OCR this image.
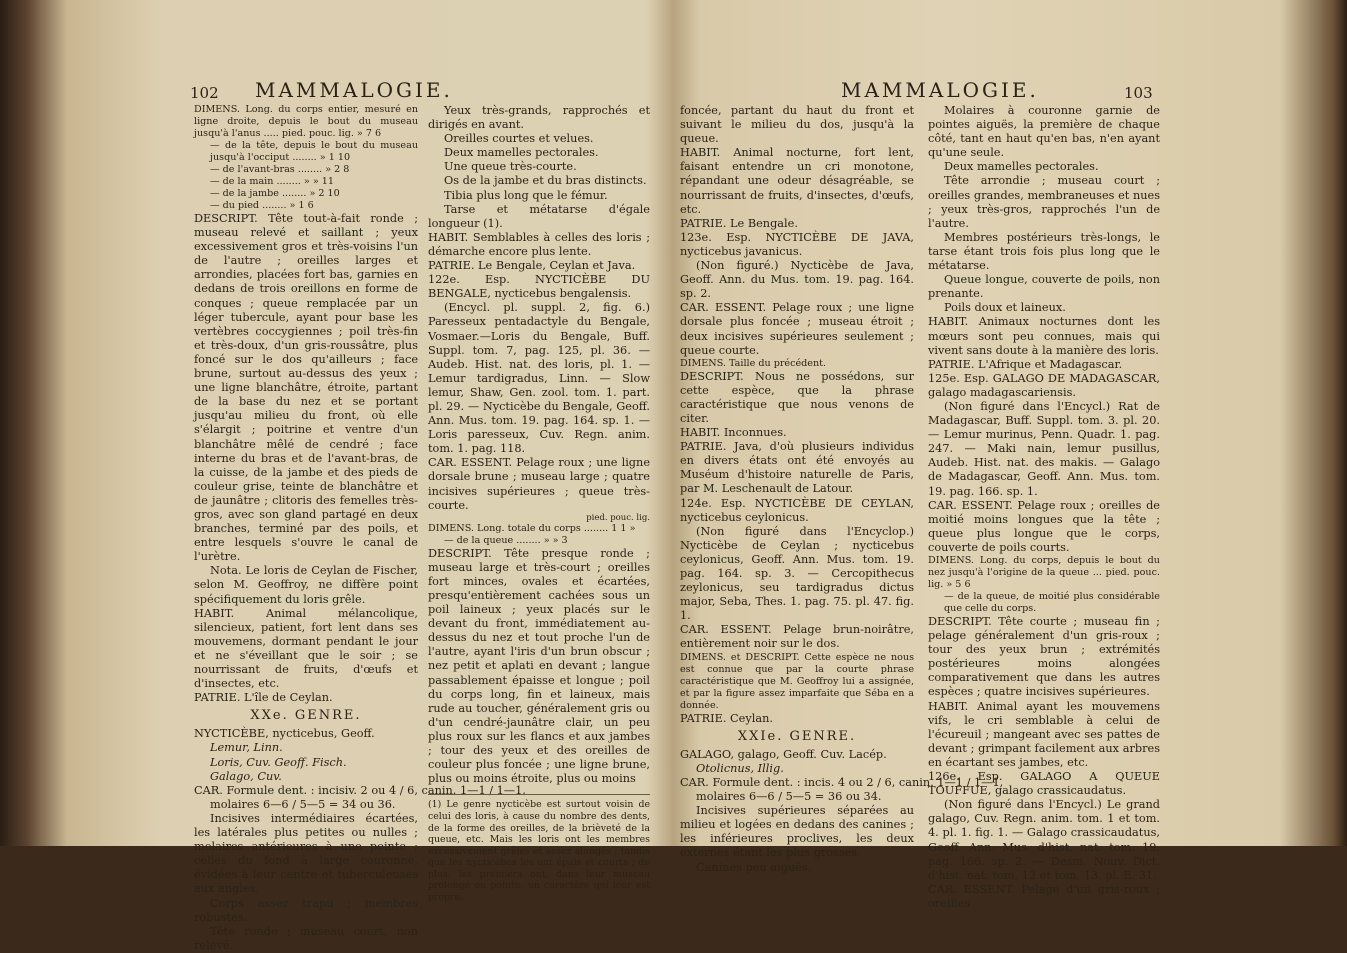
102 MAMMALOGIE.

DIMENS. Long. du corps entier, mesuré en ligne droite, depuis le bout du museau jusqu'à l'anus ..... pied. pouc. lig. » 7 6

— de la tête, depuis le bout du museau jusqu'à l'occiput ........ » 1 10

— de l'avant-bras ........ » 2 8

— de la main ........ » » 11

— de la jambe ........ » 2 10

— du pied ........ » 1 6

DESCRIPT. Tête tout-à-fait ronde ; museau relevé et saillant ; yeux excessivement gros et très-voisins l'un de l'autre ; oreilles larges et arrondies, placées fort bas, garnies en dedans de trois oreillons en forme de conques ; queue remplacée par un léger tubercule, ayant pour base les vertèbres coccygiennes ; poil très-fin et très-doux, d'un gris-roussâtre, plus foncé sur le dos qu'ailleurs ; face brune, surtout au-dessus des yeux ; une ligne blanchâtre, étroite, partant de la base du nez et se portant jusqu'au milieu du front, où elle s'élargit ; poitrine et ventre d'un blanchâtre mêlé de cendré ; face interne du bras et de l'avant-bras, de la cuisse, de la jambe et des pieds de couleur grise, teinte de blanchâtre et de jaunâtre ; clitoris des femelles très-gros, avec son gland partagé en deux branches, terminé par des poils, et entre lesquels s'ouvre le canal de l'urètre.

Nota. Le loris de Ceylan de Fischer, selon M. Geoffroy, ne diffère point spécifiquement du loris grêle.

HABIT. Animal mélancolique, silencieux, patient, fort lent dans ses mouvemens, dormant pendant le jour et ne s'éveillant que le soir ; se nourrissant de fruits, d'œufs et d'insectes, etc.

PATRIE. L'île de Ceylan.

XXe. GENRE.

NYCTICÈBE, nycticebus, Geoff.

Lemur, Linn.

Loris, Cuv. Geoff. Fisch.

Galago, Cuv.

CAR. Formule dent. : incisiv. 2 ou 4 / 6, canin. 1—1 / 1—1,

molaires 6—6 / 5—5 = 34 ou 36.

Incisives intermédiaires écartées, les latérales plus petites ou nulles ; molaires antérieures à une pointe ; celles du fond à large couronne, évidées à leur centre et tuberculeuses aux angles.

Corps assez trapu ; membres robustes.

Tête ronde ; museau court, non relevé.

Yeux très-grands, rapprochés et dirigés en avant.

Oreilles courtes et velues.

Deux mamelles pectorales.

Une queue très-courte.

Os de la jambe et du bras distincts.

Tibia plus long que le fémur.

Tarse et métatarse d'égale longueur (1).

HABIT. Semblables à celles des loris ; démarche encore plus lente.

PATRIE. Le Bengale, Ceylan et Java.

122e. Esp. NYCTICÈBE DU BENGALE, nycticebus bengalensis.

(Encycl. pl. suppl. 2, fig. 6.) Paresseux pentadactyle du Bengale, Vosmaer.—Loris du Bengale, Buff. Suppl. tom. 7, pag. 125, pl. 36. — Audeb. Hist. nat. des loris, pl. 1. — Lemur tardigradus, Linn. — Slow lemur, Shaw, Gen. zool. tom. 1. part. pl. 29. — Nycticèbe du Bengale, Geoff. Ann. Mus. tom. 19. pag. 164. sp. 1. — Loris paresseux, Cuv. Regn. anim. tom. 1. pag. 118.

CAR. ESSENT. Pelage roux ; une ligne dorsale brune ; museau large ; quatre incisives supérieures ; queue très-courte.

pied. pouc. lig.

DIMENS. Long. totale du corps ........ 1 1 »

— de la queue ........ » » 3

DESCRIPT. Tête presque ronde ; museau large et très-court ; oreilles fort minces, ovales et écartées, presqu'entièrement cachées sous un poil laineux ; yeux placés sur le devant du front, immédiatement au-dessus du nez et tout proche l'un de l'autre, ayant l'iris d'un brun obscur ; nez petit et aplati en devant ; langue passablement épaisse et longue ; poil du corps long, fin et laineux, mais rude au toucher, généralement gris ou d'un cendré-jaunâtre clair, un peu plus roux sur les flancs et aux jambes ; tour des yeux et des oreilles de couleur plus foncée ; une ligne brune, plus ou moins étroite, plus ou moins

(1) Le genre nycticèbe est surtout voisin de celui des loris, à cause du nombre des dents, de la forme des oreilles, de la brièveté de la queue, etc. Mais les loris ont les membres excessivement grêles et assez alongés ; tandis que les nycticèbes les ont épais et courts ; de plus, les premiers ont, dans leur museau prolongé ou pointu, un caractère qui leur est propre.

MAMMALOGIE.	103

foncée, partant du haut du front et suivant le milieu du dos, jusqu'à la queue.

HABIT. Animal nocturne, fort lent, faisant entendre un cri monotone, répandant une odeur désagréable, se nourrissant de fruits, d'insectes, d'œufs, etc.

PATRIE. Le Bengale.

123e. Esp. NYCTICÈBE DE JAVA, nycticebus javanicus.

(Non figuré.) Nycticèbe de Java, Geoff. Ann. du Mus. tom. 19. pag. 164. sp. 2.

CAR. ESSENT. Pelage roux ; une ligne dorsale plus foncée ; museau étroit ; deux incisives supérieures seulement ; queue courte.

DIMENS. Taille du précédent.

DESCRIPT. Nous ne possédons, sur cette espèce, que la phrase caractéristique que nous venons de citer.

HABIT. Inconnues.

PATRIE. Java, d'où plusieurs individus en divers états ont été envoyés au Muséum d'histoire naturelle de Paris, par M. Leschenault de Latour.

124e. Esp. NYCTICÈBE DE CEYLAN, nycticebus ceylonicus.

(Non figuré dans l'Encyclop.) Nycticèbe de Ceylan ; nycticebus ceylonicus, Geoff. Ann. Mus. tom. 19. pag. 164. sp. 3. — Cercopithecus zeylonicus, seu tardigradus dictus major, Seba, Thes. 1. pag. 75. pl. 47. fig. 1.

CAR. ESSENT. Pelage brun-noirâtre, entièrement noir sur le dos.

DIMENS. et DESCRIPT. Cette espèce ne nous est connue que par la courte phrase caractéristique que M. Geoffroy lui a assignée, et par la figure assez imparfaite que Séba en a donnée.

PATRIE. Ceylan.

XXIe. GENRE.

GALAGO, galago, Geoff. Cuv. Lacép.

Otolicnus, Illig.

CAR. Formule dent. : incis. 4 ou 2 / 6, canin. 1—1 / 1—1,

molaires 6—6 / 5—5 = 36 ou 34.

Incisives supérieures séparées au milieu et logées en dedans des canines ; les inférieures proclives, les deux externes étant les plus grosses.

Canines peu aiguës.

Molaires à couronne garnie de pointes aiguës, la première de chaque côté, tant en haut qu'en bas, n'en ayant qu'une seule.

Deux mamelles pectorales.

Tête arrondie ; museau court ; oreilles grandes, membraneuses et nues ; yeux très-gros, rapprochés l'un de l'autre.

Membres postérieurs très-longs, le tarse étant trois fois plus long que le métatarse.

Queue longue, couverte de poils, non prenante.

Poils doux et laineux.

HABIT. Animaux nocturnes dont les mœurs sont peu connues, mais qui vivent sans doute à la manière des loris.

PATRIE. L'Afrique et Madagascar.

125e. Esp. GALAGO DE MADAGASCAR, galago madagascariensis.

(Non figuré dans l'Encycl.) Rat de Madagascar, Buff. Suppl. tom. 3. pl. 20. — Lemur murinus, Penn. Quadr. 1. pag. 247. — Maki nain, lemur pusillus, Audeb. Hist. nat. des makis. — Galago de Madagascar, Geoff. Ann. Mus. tom. 19. pag. 166. sp. 1.

CAR. ESSENT. Pelage roux ; oreilles de moitié moins longues que la tête ; queue plus longue que le corps, couverte de poils courts.

DIMENS. Long. du corps, depuis le bout du nez jusqu'à l'origine de la queue ... pied. pouc. lig. » 5 6

— de la queue, de moitié plus considérable que celle du corps.

DESCRIPT. Tête courte ; museau fin ; pelage généralement d'un gris-roux ; tour des yeux brun ; extrémités postérieures moins alongées comparativement que dans les autres espèces ; quatre incisives supérieures.

HABIT. Animal ayant les mouvemens vifs, le cri semblable à celui de l'écureuil ; mangeant avec ses pattes de devant ; grimpant facilement aux arbres en écartant ses jambes, etc.

126e. Esp. GALAGO A QUEUE TOUFFUE, galago crassicaudatus.

(Non figuré dans l'Encycl.) Le grand galago, Cuv. Regn. anim. tom. 1 et tom. 4. pl. 1. fig. 1. — Galago crassicaudatus, Geoff. Ann. Mus. d'hist. nat. tom. 19. pag. 166. sp. 2. — Desm. Nouv. Dict. d'hist. nat. tom. 12 et tom. 13. pl. E. 31.

CAR. ESSENT. Pelage d'un gris-roux ; oreilles
